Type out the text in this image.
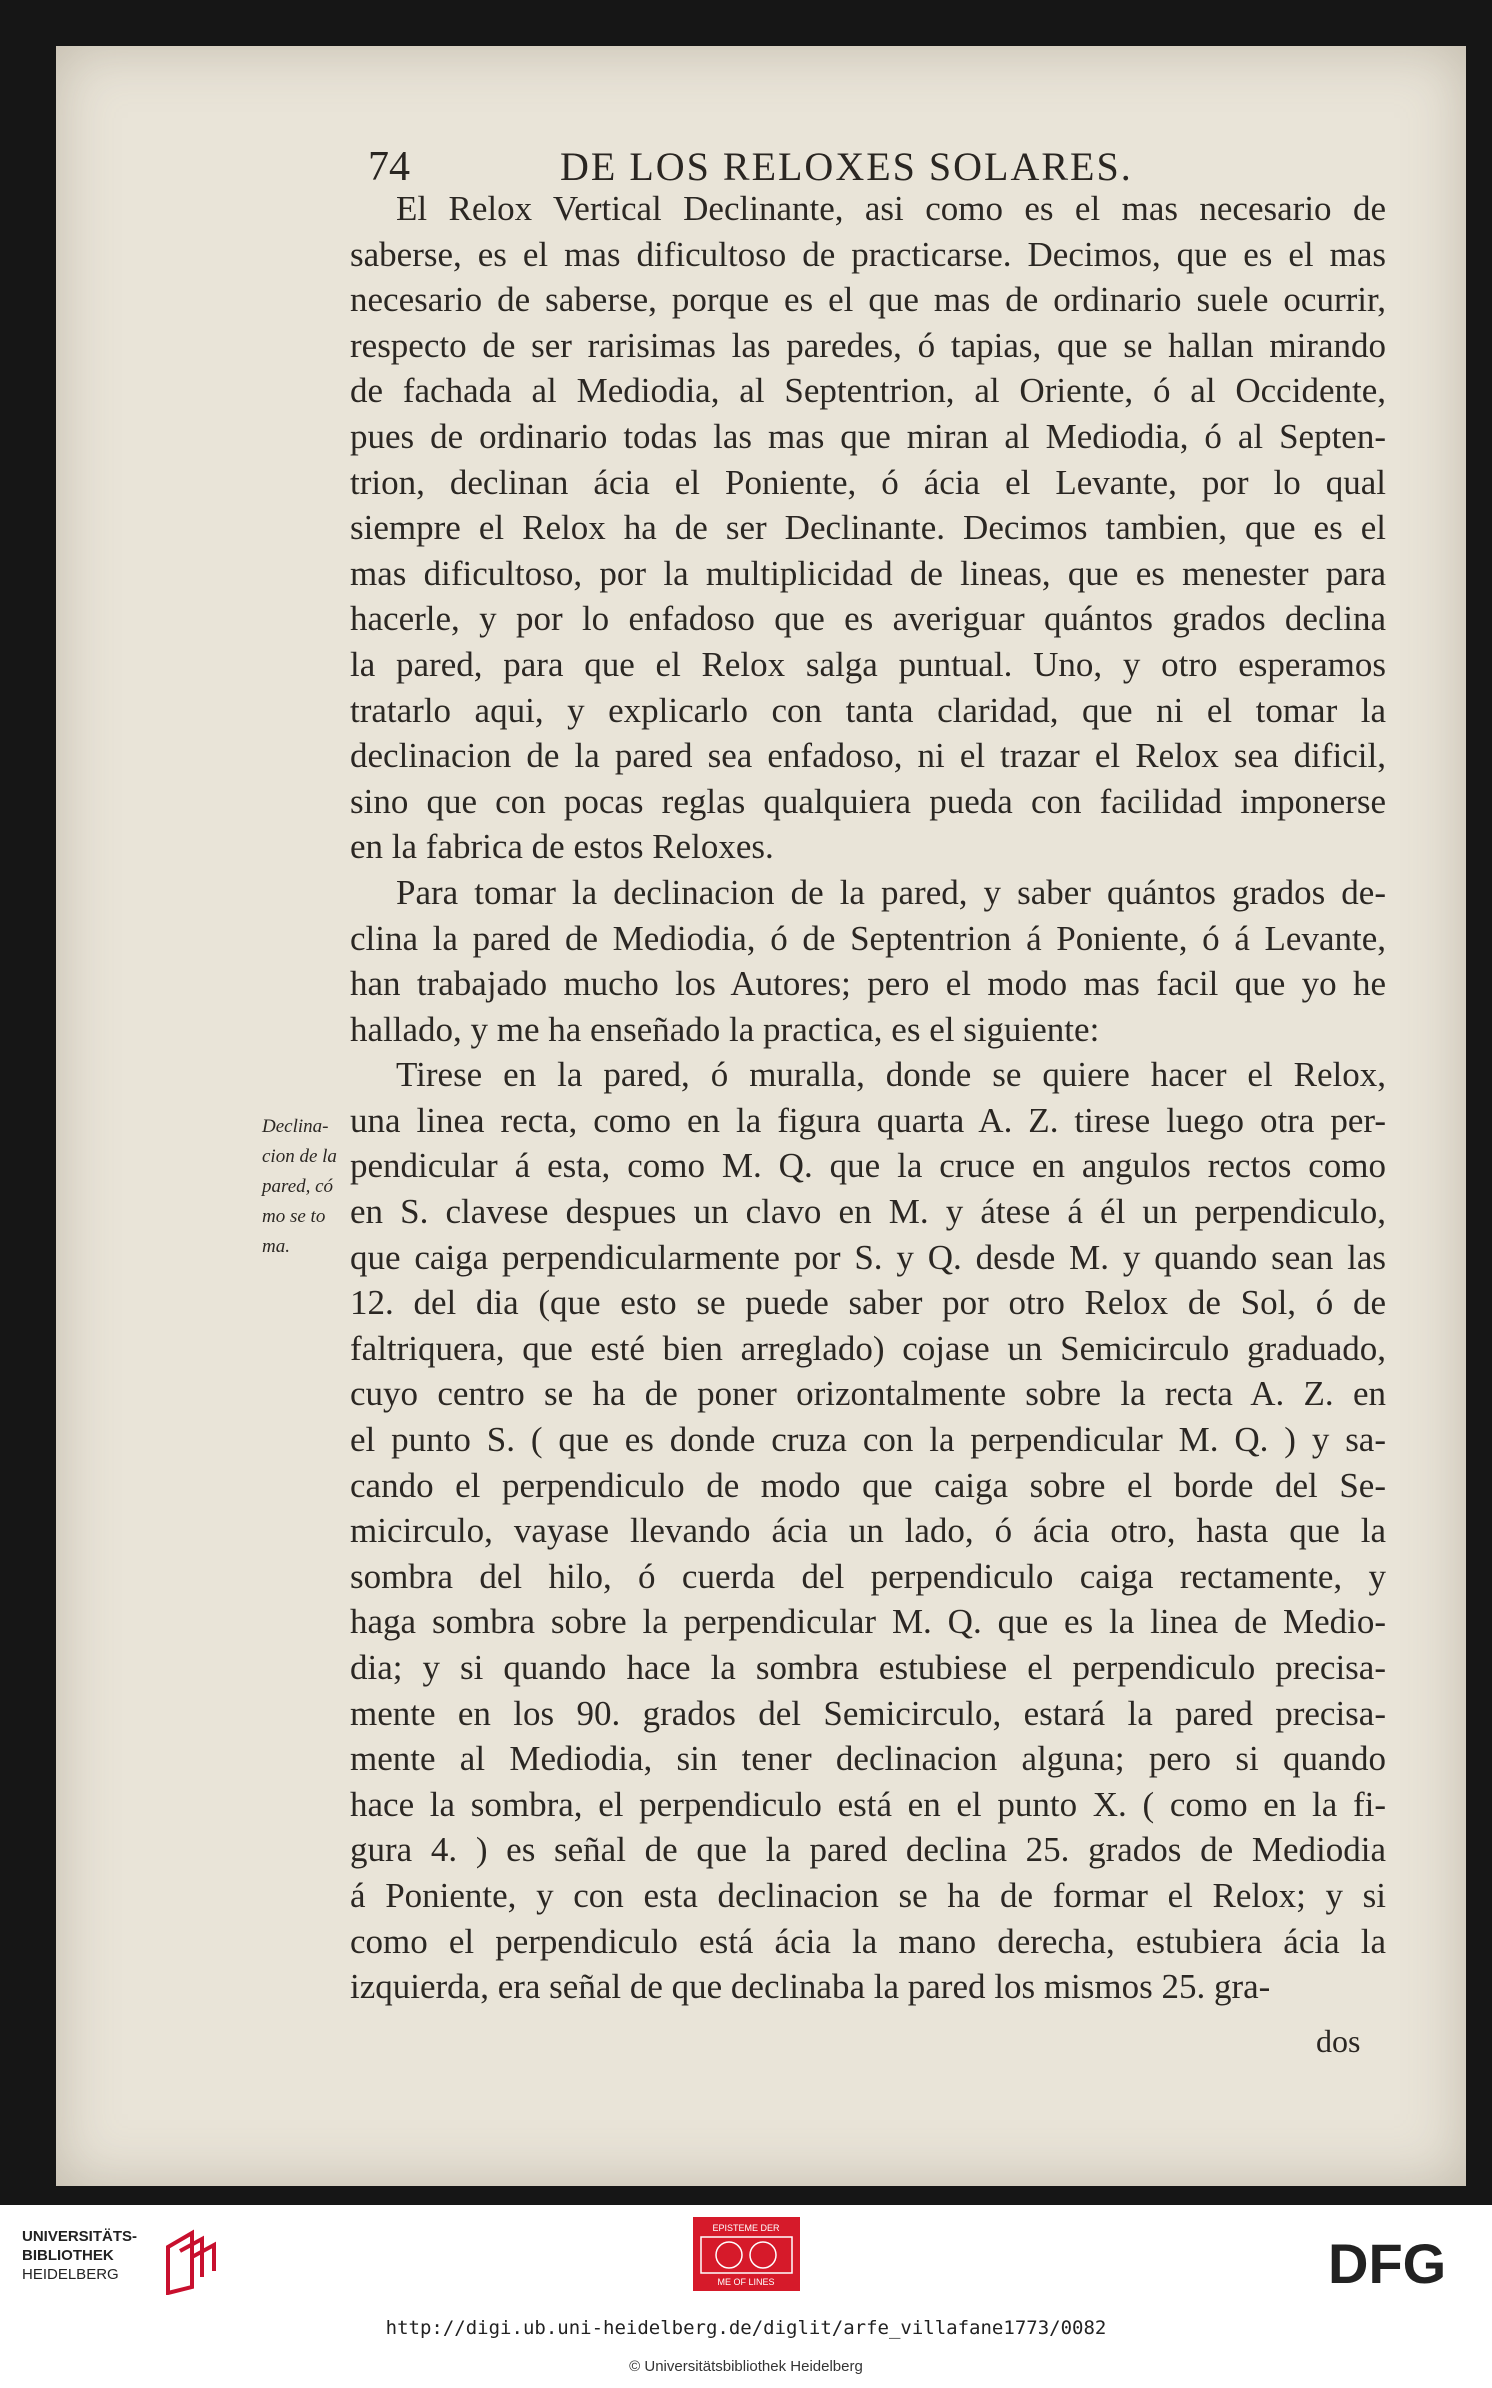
74	DE LOS RELOXES SOLARES.
El Relox Vertical Declinante, asi como es el mas necesario de
saberse, es el mas dificultoso de practicarse. Decimos, que es el mas
necesario de saberse, porque es el que mas de ordinario suele ocurrir,
respecto de ser rarisimas las paredes, ó tapias, que se hallan mirando
de fachada al Mediodia, al Septentrion, al Oriente, ó al Occidente,
pues de ordinario todas las mas que miran al Mediodia, ó al Septen-
trion, declinan ácia el Poniente, ó ácia el Levante, por lo qual
siempre el Relox ha de ser Declinante. Decimos tambien, que es el
mas dificultoso, por la multiplicidad de lineas, que es menester para
hacerle, y por lo enfadoso que es averiguar quántos grados declina
la pared, para que el Relox salga puntual. Uno, y otro esperamos
tratarlo aqui, y explicarlo con tanta claridad, que ni el tomar la
declinacion de la pared sea enfadoso, ni el trazar el Relox sea dificil,
sino que con pocas reglas qualquiera pueda con facilidad imponerse
en la fabrica de estos Reloxes.
Para tomar la declinacion de la pared, y saber quántos grados de-
clina la pared de Mediodia, ó de Septentrion á Poniente, ó á Levante,
han trabajado mucho los Autores; pero el modo mas facil que yo he
hallado, y me ha enseñado la practica, es el siguiente:
Tirese en la pared, ó muralla, donde se quiere hacer el Relox,
una linea recta, como en la figura quarta A. Z. tirese luego otra per-
pendicular á esta, como M. Q. que la cruce en angulos rectos como
en S. clavese despues un clavo en M. y átese á él un perpendiculo,
que caiga perpendicularmente por S. y Q. desde M. y quando sean las
12. del dia (que esto se puede saber por otro Relox de Sol, ó de
faltriquera, que esté bien arreglado) cojase un Semicirculo graduado,
cuyo centro se ha de poner orizontalmente sobre la recta A. Z. en
el punto S. ( que es donde cruza con la perpendicular M. Q. ) y sa-
cando el perpendiculo de modo que caiga sobre el borde del Se-
micirculo, vayase llevando ácia un lado, ó ácia otro, hasta que la
sombra del hilo, ó cuerda del perpendiculo caiga rectamente, y
haga sombra sobre la perpendicular M. Q. que es la linea de Medio-
dia; y si quando hace la sombra estubiese el perpendiculo precisa-
mente en los 90. grados del Semicirculo, estará la pared precisa-
mente al Mediodia, sin tener declinacion alguna; pero si quando
hace la sombra, el perpendiculo está en el punto X. ( como en la fi-
gura 4. ) es señal de que la pared declina 25. grados de Mediodia
á Poniente, y con esta declinacion se ha de formar el Relox; y si
como el perpendiculo está ácia la mano derecha, estubiera ácia la
izquierda, era señal de que declinaba la pared los mismos 25. gra-
Declina-
cion de la
pared, có
mo se to
ma.
dos
UNIVERSITÄTS-
BIBLIOTHEK
HEIDELBERG
EPISTEME DER
ME OF LINES	DFG
http://digi.ub.uni-heidelberg.de/diglit/arfe_villafane1773/0082
© Universitätsbibliothek Heidelberg
